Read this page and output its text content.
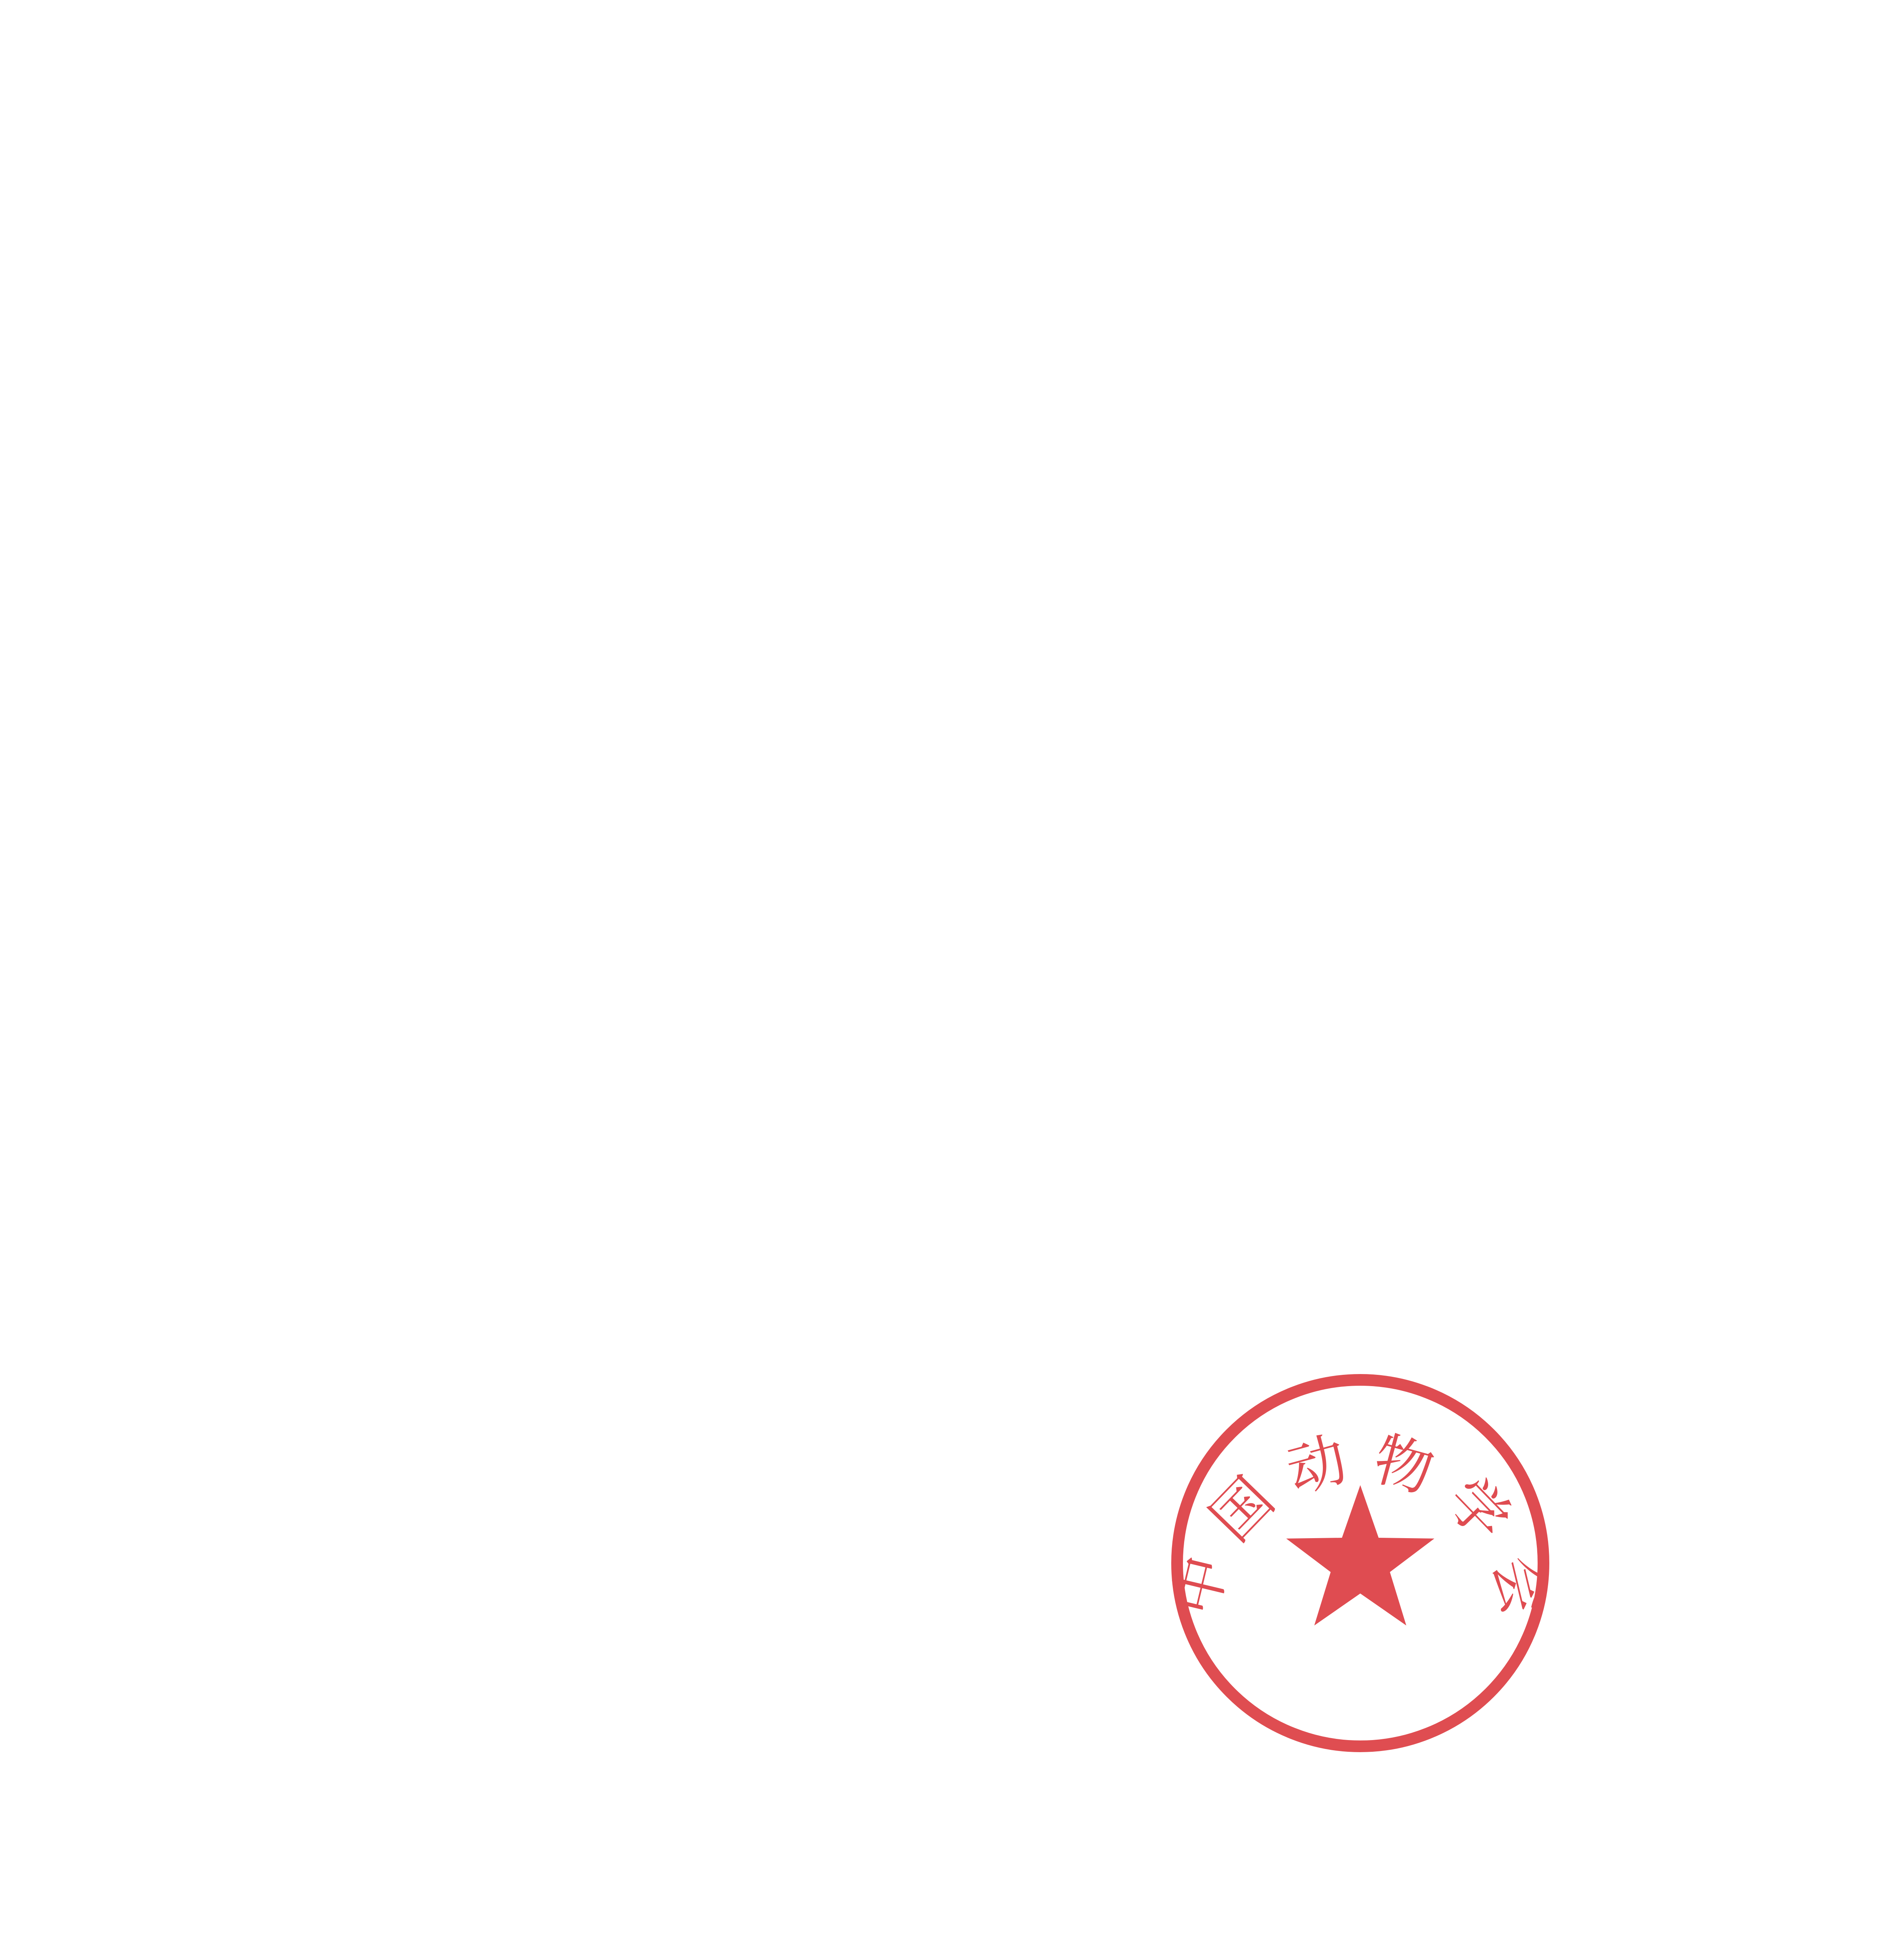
中 国 动 物 学 会
